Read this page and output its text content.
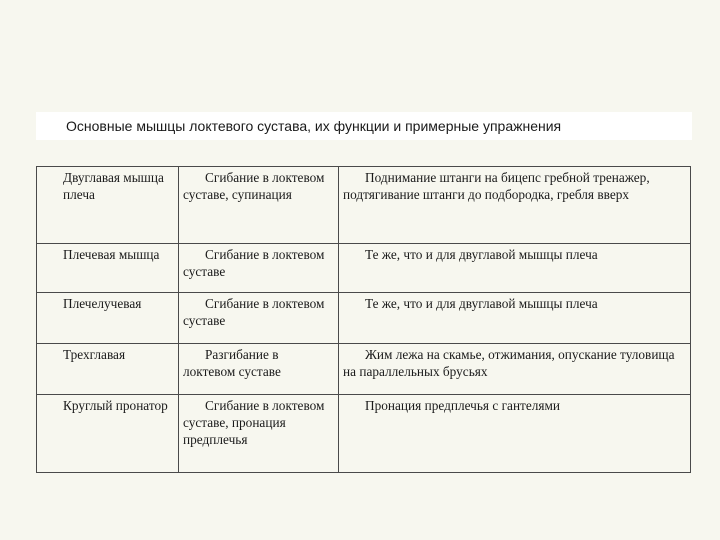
Основные мышцы локтевого сустава, их функции и примерные упражнения
Двуглавая мышца плеча	Сгибание в локтевом суставе, супинация	Поднимание штанги на бицепс гребной тренажер, подтягивание штанги до подбородка, гребля вверх

Плечевая мышца	Сгибание в локтевом суставе	Те же, что и для двуглавой мышцы плеча

Плечелучевая	Сгибание в локтевом суставе	Те же, что и для двуглавой мышцы плеча

Трехглавая	Разгибание в локтевом суставе	Жим лежа на скамье, отжимания, опускание туловища на параллельных брусьях

Круглый пронатор	Сгибание в локтевом суставе, пронация предплечья	Пронация предплечья с гантелями
